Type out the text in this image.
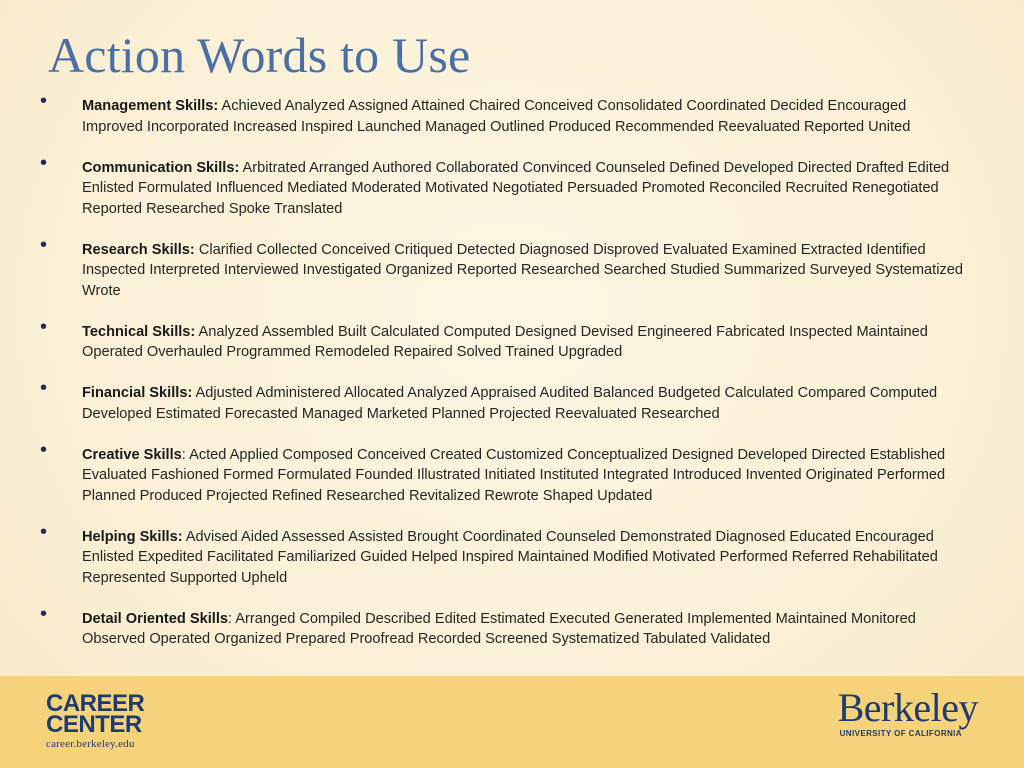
Action Words to Use
• Management Skills: Achieved Analyzed Assigned Attained Chaired Conceived Consolidated Coordinated Decided Encouraged Improved Incorporated Increased Inspired Launched Managed Outlined Produced Recommended Reevaluated Reported United
• Communication Skills: Arbitrated Arranged Authored Collaborated Convinced Counseled Defined Developed Directed Drafted Edited Enlisted Formulated Influenced Mediated Moderated Motivated Negotiated Persuaded Promoted Reconciled Recruited Renegotiated Reported Researched Spoke Translated
• Research Skills: Clarified Collected Conceived Critiqued Detected Diagnosed Disproved Evaluated Examined Extracted Identified Inspected Interpreted Interviewed Investigated Organized Reported Researched Searched Studied Summarized Surveyed Systematized Wrote
• Technical Skills: Analyzed Assembled Built Calculated Computed Designed Devised Engineered Fabricated Inspected Maintained Operated Overhauled Programmed Remodeled Repaired Solved Trained Upgraded
• Financial Skills: Adjusted Administered Allocated Analyzed Appraised Audited Balanced Budgeted Calculated Compared Computed Developed Estimated Forecasted Managed Marketed Planned Projected Reevaluated Researched
• Creative Skills: Acted Applied Composed Conceived Created Customized Conceptualized Designed Developed Directed Established Evaluated Fashioned Formed Formulated Founded Illustrated Initiated Instituted Integrated Introduced Invented Originated Performed Planned Produced Projected Refined Researched Revitalized Rewrote Shaped Updated
• Helping Skills: Advised Aided Assessed Assisted Brought Coordinated Counseled Demonstrated Diagnosed Educated Encouraged Enlisted Expedited Facilitated Familiarized Guided Helped Inspired Maintained Modified Motivated Performed Referred Rehabilitated Represented Supported Upheld
• Detail Oriented Skills: Arranged Compiled Described Edited Estimated Executed Generated Implemented Maintained Monitored Observed Operated Organized Prepared Proofread Recorded Screened Systematized Tabulated Validated
CAREER
CENTER
career.berkeley.edu
Berkeley
UNIVERSITY OF CALIFORNIA
